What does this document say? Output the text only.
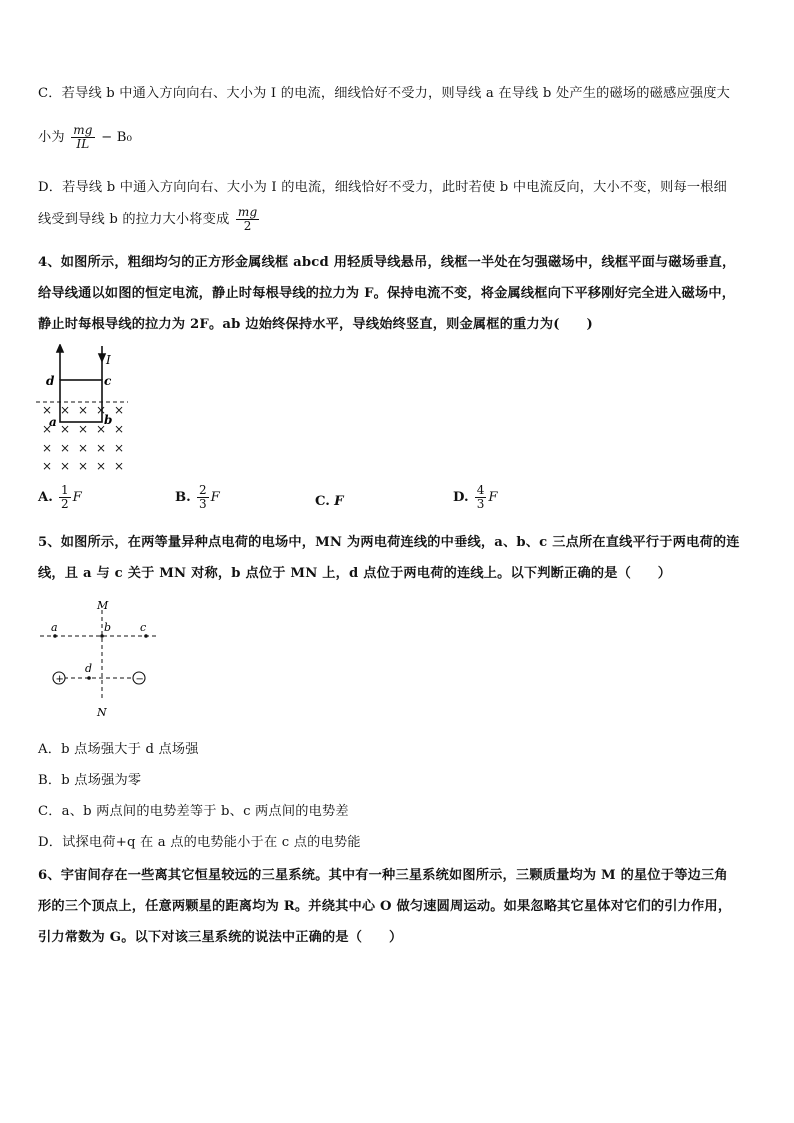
C．若导线 b 中通入方向向右、大小为 I 的电流，细线恰好不受力，则导线 a 在导线 b 处产生的磁场的磁感应强度大
小为 $\frac{mg}{IL} - B_0$
D．若导线 b 中通入方向向右、大小为 I 的电流，细线恰好不受力，此时若使 b 中电流反向，大小不变，则每一根细
线受到导线 b 的拉力大小将变成 $\frac{mg}{2}$
4、如图所示，粗细均匀的正方形金属线框 abcd 用轻质导线悬吊，线框一半处在匀强磁场中，线框平面与磁场垂直，
给导线通以如图的恒定电流，静止时每根导线的拉力为 F。保持电流不变，将金属线框向下平移刚好完全进入磁场中，
静止时每根导线的拉力为 2F。ab 边始终保持水平，导线始终竖直，则金属框的重力为(　　)
I
d	c
a	b
× × × × ×
× × × × ×
× × × × ×
× × × × ×
A. $\frac{1}{2}$ F	B. $\frac{2}{3}$ F	C. F	D. $\frac{4}{3}$ F
5、如图所示，在两等量异种点电荷的电场中，MN 为两电荷连线的中垂线，a、b、c 三点所在直线平行于两电荷的连
线，且 a 与 c 关于 MN 对称，b 点位于 MN 上，d 点位于两电荷的连线上。以下判断正确的是（　　）
+	−
M
N
a	b	c
d
A．b 点场强大于 d 点场强
B．b 点场强为零
C．a、b 两点间的电势差等于 b、c 两点间的电势差
D．试探电荷+q 在 a 点的电势能小于在 c 点的电势能
6、宇宙间存在一些离其它恒星较远的三星系统。其中有一种三星系统如图所示，三颗质量均为 M 的星位于等边三角
形的三个顶点上，任意两颗星的距离均为 R。并绕其中心 O 做匀速圆周运动。如果忽略其它星体对它们的引力作用，
引力常数为 G。以下对该三星系统的说法中正确的是（　　）
